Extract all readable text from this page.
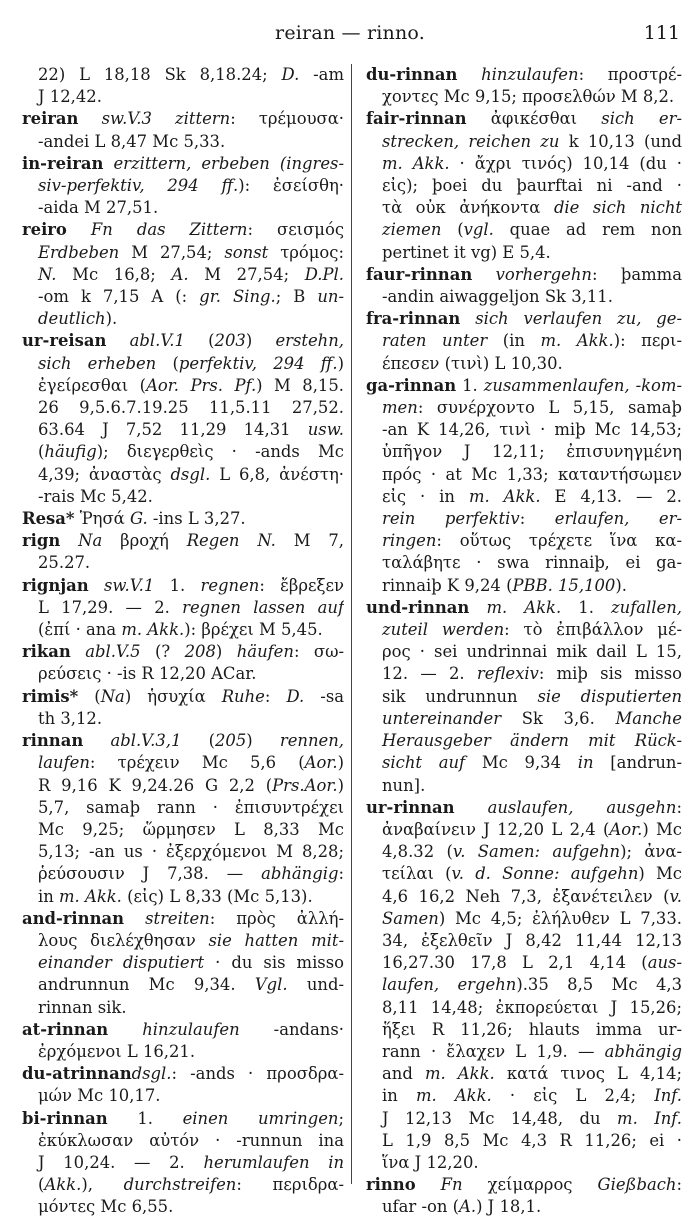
reiran — rinno.	111
22) L 18,18 Sk 8,18.24; D. -am
J 12,42.
reiran sw.V.3 zittern: τρέμουσα·
-andei L 8,47 Mc 5,33.
in-reiran erzittern, erbeben (ingres-
siv-perfektiv, 294 ff.): ἐσείσθη·
-aida M 27,51.
reiro Fn das Zittern: σεισμός
Erdbeben M 27,54; sonst τρόμος:
N. Mc 16,8; A. M 27,54; D.Pl.
-om k 7,15 A (: gr. Sing.; B un-
deutlich).
ur-reisan abl.V.1 (203) erstehn,
sich erheben (perfektiv, 294 ff.)
ἐγείρεσθαι (Aor. Prs. Pf.) M 8,15.
26 9,5.6.7.19.25 11,5.11 27,52.
63.64 J 7,52 11,29 14,31 usw.
(häufig); διεγερθεὶς · -ands Mc
4,39; ἀναστὰς dsgl. L 6,8, ἀνέστη·
-rais Mc 5,42.
Resa* Ῥησά G. -ins L 3,27.
rign Na βροχή Regen N. M 7,
25.27.
rignjan sw.V.1 1. regnen: ἔβρεξεν
L 17,29. — 2. regnen lassen auf
(ἐπί · ana m. Akk.): βρέχει M 5,45.
rikan abl.V.5 (? 208) häufen: σω-
ρεύσεις · -is R 12,20 ACar.
rimis* (Na) ἡσυχία Ruhe: D. -sa
th 3,12.
rinnan abl.V.3,1 (205) rennen,
laufen: τρέχειν Mc 5,6 (Aor.)
R 9,16 K 9,24.26 G 2,2 (Prs.Aor.)
5,7, samaþ rann · ἐπισυντρέχει
Mc 9,25; ὥρμησεν L 8,33 Mc
5,13; -an us · ἐξερχόμενοι M 8,28;
ῥεύσουσιν J 7,38. — abhängig:
in m. Akk. (εἰς) L 8,33 (Mc 5,13).
and-rinnan streiten: πρὸς ἀλλή-
λους διελέχθησαν sie hatten mit-
einander disputiert · du sis misso
andrunnun Mc 9,34. Vgl. und-
rinnan sik.
at-rinnan hinzulaufen -andans·
ἐρχόμενοι L 16,21.
du-atrinnandsgl.: -ands · προσδρα-
μών Mc 10,17.
bi-rinnan 1. einen umringen;
ἐκύκλωσαν αὐτόν · -runnun ina
J 10,24. — 2. herumlaufen in
(Akk.), durchstreifen: περιδρα-
μόντες Mc 6,55.
du-rinnan hinzulaufen: προστρέ-
χοντες Mc 9,15; προσελθών M 8,2.
fair-rinnan ἀφικέσθαι sich er-
strecken, reichen zu k 10,13 (und
m. Akk. · ἄχρι τινός) 10,14 (du ·
εἰς); þoei du þaurftai ni -and ·
τὰ οὐκ ἀνήκοντα die sich nicht
ziemen (vgl. quae ad rem non
pertinet it vg) E 5,4.
faur-rinnan vorhergehn: þamma
-andin aiwaggeljon Sk 3,11.
fra-rinnan sich verlaufen zu, ge-
raten unter (in m. Akk.): περι-
έπεσεν (τινὶ) L 10,30.
ga-rinnan 1. zusammenlaufen, -kom-
men: συνέρχοντο L 5,15, samaþ
-an K 14,26, τινὶ · miþ Mc 14,53;
ὑπῆγον J 12,11; ἐπισυνηγμένη
πρός · at Mc 1,33; καταντήσωμεν
εἰς · in m. Akk. E 4,13. — 2.
rein perfektiv: erlaufen, er-
ringen: οὕτως τρέχετε ἵνα κα-
ταλάβητε · swa rinnaiþ, ei ga-
rinnaiþ K 9,24 (PBB. 15,100).
und-rinnan m. Akk. 1. zufallen,
zuteil werden: τὸ ἐπιβάλλον μέ-
ρος · sei undrinnai mik dail L 15,
12. — 2. reflexiv: miþ sis misso
sik undrunnun sie disputierten
untereinander Sk 3,6. Manche
Herausgeber ändern mit Rück-
sicht auf Mc 9,34 in [andrun-
nun].
ur-rinnan auslaufen, ausgehn:
ἀναβαίνειν J 12,20 L 2,4 (Aor.) Mc
4,8.32 (v. Samen: aufgehn); ἀνα-
τείλαι (v. d. Sonne: aufgehn) Mc
4,6 16,2 Neh 7,3, ἐξανέτειλεν (v.
Samen) Mc 4,5; ἐλήλυθεν L 7,33.
34, ἐξελθεῖν J 8,42 11,44 12,13
16,27.30 17,8 L 2,1 4,14 (aus-
laufen, ergehn).35 8,5 Mc 4,3
8,11 14,48; ἐκπορεύεται J 15,26;
ἥξει R 11,26; hlauts imma ur-
rann · ἔλαχεν L 1,9. — abhängig
and m. Akk. κατά τινος L 4,14;
in m. Akk. · εἰς L 2,4; Inf.
J 12,13 Mc 14,48, du m. Inf.
L 1,9 8,5 Mc 4,3 R 11,26; ei ·
ἵνα J 12,20.
rinno Fn χείμαρρος Gießbach:
ufar -on (A.) J 18,1.
